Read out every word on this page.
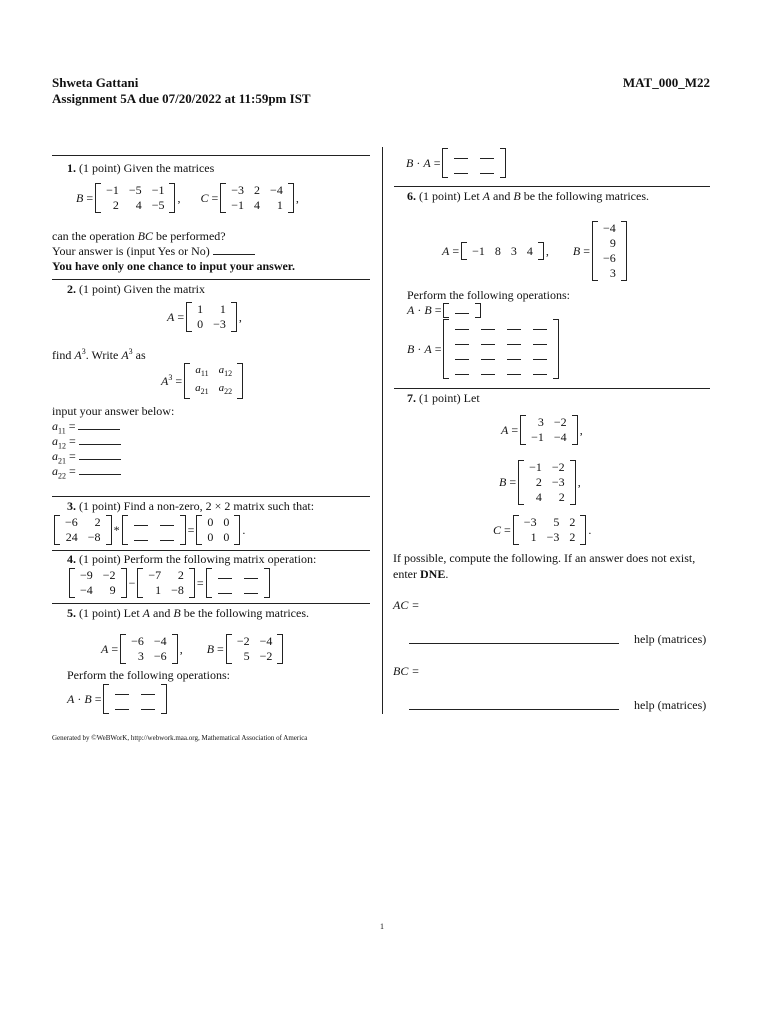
Shweta Gattani
Assignment 5A due 07/20/2022 at 11:59pm IST
MAT_000_M22
1. (1 point) Given the matrices
B =
−1	−5	−1
2	4	−5
, C =
−3	2	−4
−1	4	1
,
can the operation BC be performed?
Your answer is (input Yes or No)
You have only one chance to input your answer.
2. (1 point) Given the matrix
A =
1	1
0	−3
,
find $A^3$. Write $A^3$ as
$A^3$ =
$a_{11}$	$a_{12}$
$a_{21}$	$a_{22}$
input your answer below:
$a_{11}$ =
$a_{12}$ =
$a_{21}$ =
$a_{22}$ =
3. (1 point) Find a non-zero, 2 × 2 matrix such that:
−6	2
24	−8
*

		=
0	0
0	0
.
4. (1 point) Perform the following matrix operation:
−9	−2
−4	9
−
−7	2
1	−8
=

5. (1 point) Let A and B be the following matrices.
A =
−6	−4
3	−6
, B =
−2	−4
5	−2
Perform the following operations:
A · B =

B · A =

6. (1 point) Let A and B be the following matrices.
A = −1	8	3	4 , B =
−4
9
−6
3
Perform the following operations:
A · B =
B · A =

7. (1 point) Let
A =
3	−2
−1	−4
,
B =
−1	−2
2	−3
4	2
,
C =
−3	5	2
1	−3	2
.
If possible, compute the following. If an answer does not exist,
enter DNE.
AC =
help (matrices)
BC =
help (matrices)
Generated by ©WeBWorK, http://webwork.maa.org, Mathematical Association of America
1
